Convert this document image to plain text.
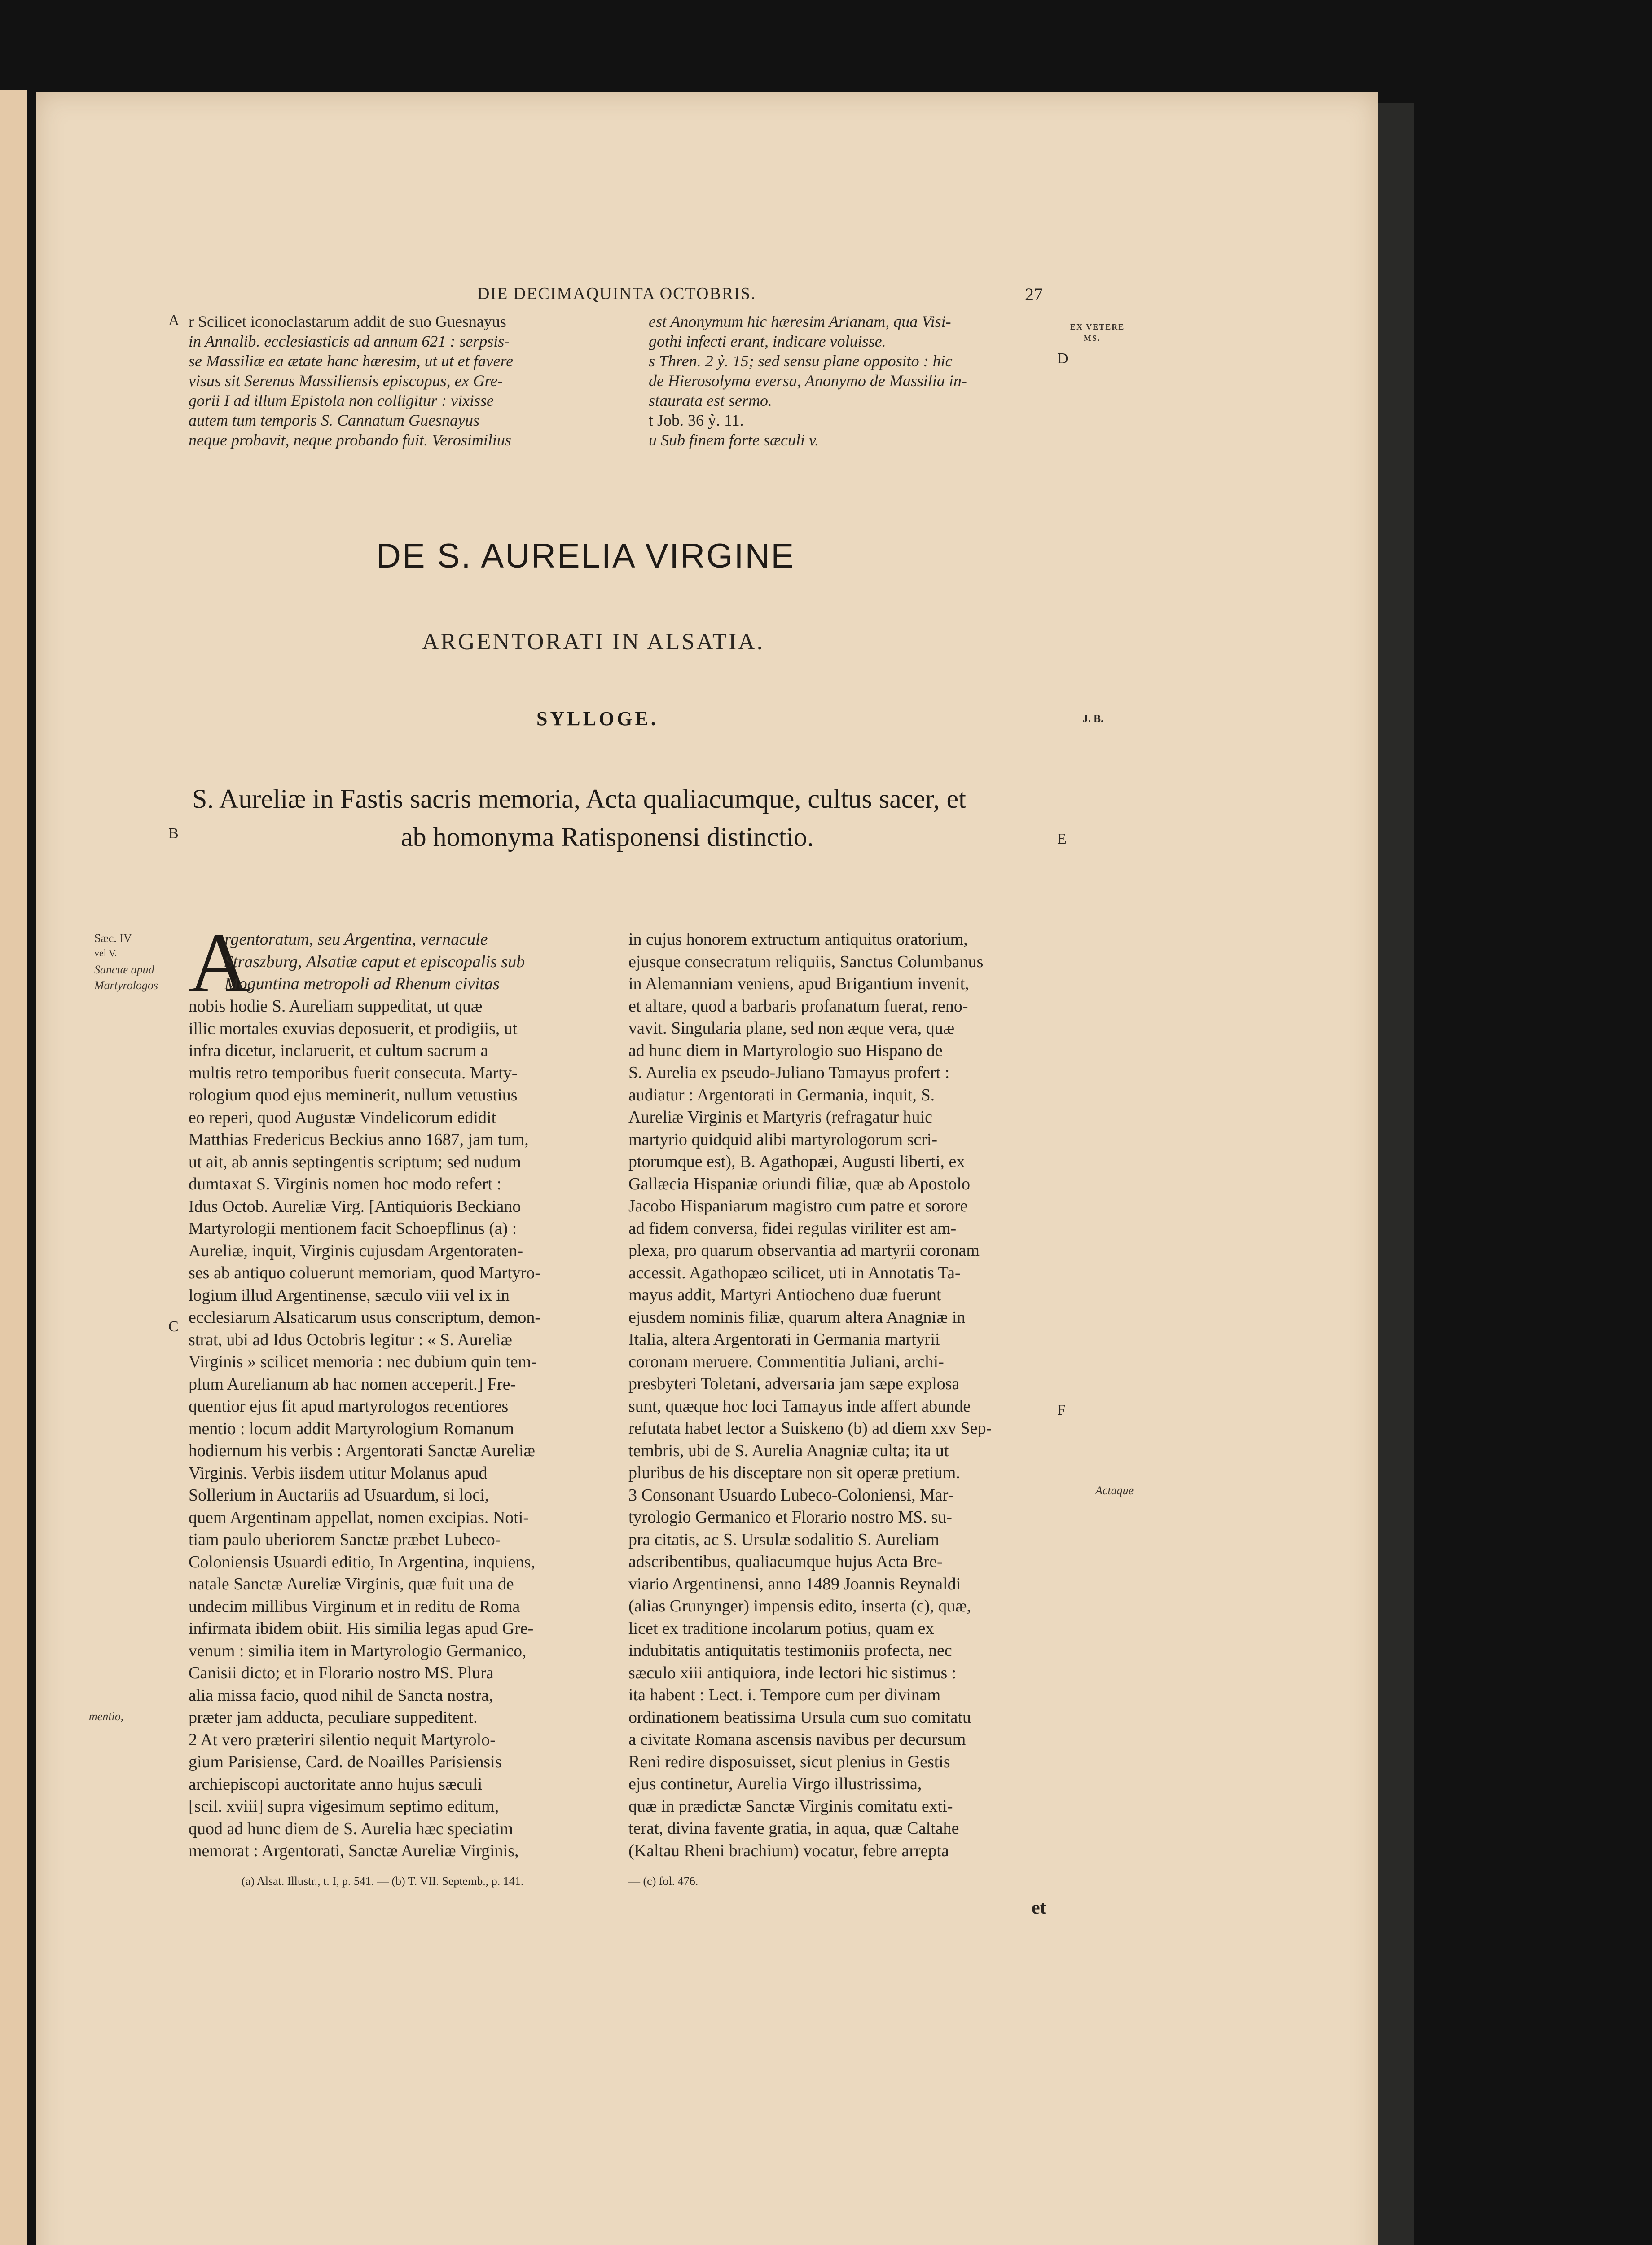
DIE DECIMAQUINTA OCTOBRIS.	27
A
D
B	E
C
F
EX VETERE
MS.
J. B.
Sæc. IV
vel V.
Sanctæ apud
Martyrologos
mentio,
Actaque
r Scilicet iconoclastarum addit de suo Guesnayus
in Annalib. ecclesiasticis ad annum 621 : serpsis-
se Massiliæ ea ætate hanc hæresim, ut ut et favere
visus sit Serenus Massiliensis episcopus, ex Gre-
gorii I ad illum Epistola non colligitur : vixisse
autem tum temporis S. Cannatum Guesnayus
neque probavit, neque probando fuit. Verosimilius
est Anonymum hic hæresim Arianam, qua Visi-
gothi infecti erant, indicare voluisse.
s Thren. 2 ỷ. 15; sed sensu plane opposito : hic
de Hierosolyma eversa, Anonymo de Massilia in-
staurata est sermo.
t Job. 36 ỷ. 11.
u Sub finem forte sæculi v.
DE S. AURELIA VIRGINE
ARGENTORATI IN ALSATIA.
SYLLOGE.
S. Aureliæ in Fastis sacris memoria, Acta qualiacumque, cultus sacer, et
ab homonyma Ratisponensi distinctio.
A
rgentoratum, seu Argentina, vernacule
Straszburg, Alsatiæ caput et episcopalis sub
Moguntina metropoli ad Rhenum civitas
nobis hodie S. Aureliam suppeditat, ut quæ
illic mortales exuvias deposuerit, et prodigiis, ut
infra dicetur, inclaruerit, et cultum sacrum a
multis retro temporibus fuerit consecuta. Marty-
rologium quod ejus meminerit, nullum vetustius
eo reperi, quod Augustæ Vindelicorum edidit
Matthias Fredericus Beckius anno 1687, jam tum,
ut ait, ab annis septingentis scriptum; sed nudum
dumtaxat S. Virginis nomen hoc modo refert :
Idus Octob. Aureliæ Virg. [Antiquioris Beckiano
Martyrologii mentionem facit Schoepflinus (a) :
Aureliæ, inquit, Virginis cujusdam Argentoraten-
ses ab antiquo coluerunt memoriam, quod Martyro-
logium illud Argentinense, sæculo viii vel ix in
ecclesiarum Alsaticarum usus conscriptum, demon-
strat, ubi ad Idus Octobris legitur : « S. Aureliæ
Virginis » scilicet memoria : nec dubium quin tem-
plum Aurelianum ab hac nomen acceperit.] Fre-
quentior ejus fit apud martyrologos recentiores
mentio : locum addit Martyrologium Romanum
hodiernum his verbis : Argentorati Sanctæ Aureliæ
Virginis. Verbis iisdem utitur Molanus apud
Sollerium in Auctariis ad Usuardum, si loci,
quem Argentinam appellat, nomen excipias. Noti-
tiam paulo uberiorem Sanctæ præbet Lubeco-
Coloniensis Usuardi editio, In Argentina, inquiens,
natale Sanctæ Aureliæ Virginis, quæ fuit una de
undecim millibus Virginum et in reditu de Roma
infirmata ibidem obiit. His similia legas apud Gre-
venum : similia item in Martyrologio Germanico,
Canisii dicto; et in Florario nostro MS. Plura
alia missa facio, quod nihil de Sancta nostra,
præter jam adducta, peculiare suppeditent.
2 At vero præteriri silentio nequit Martyrolo-
gium Parisiense, Card. de Noailles Parisiensis
archiepiscopi auctoritate anno hujus sæculi
[scil. xviii] supra vigesimum septimo editum,
quod ad hunc diem de S. Aurelia hæc speciatim
memorat : Argentorati, Sanctæ Aureliæ Virginis,
in cujus honorem extructum antiquitus oratorium,
ejusque consecratum reliquiis, Sanctus Columbanus
in Alemanniam veniens, apud Brigantium invenit,
et altare, quod a barbaris profanatum fuerat, reno-
vavit. Singularia plane, sed non æque vera, quæ
ad hunc diem in Martyrologio suo Hispano de
S. Aurelia ex pseudo-Juliano Tamayus profert :
audiatur : Argentorati in Germania, inquit, S.
Aureliæ Virginis et Martyris (refragatur huic
martyrio quidquid alibi martyrologorum scri-
ptorumque est), B. Agathopæi, Augusti liberti, ex
Gallæcia Hispaniæ oriundi filiæ, quæ ab Apostolo
Jacobo Hispaniarum magistro cum patre et sorore
ad fidem conversa, fidei regulas viriliter est am-
plexa, pro quarum observantia ad martyrii coronam
accessit. Agathopæo scilicet, uti in Annotatis Ta-
mayus addit, Martyri Antiocheno duæ fuerunt
ejusdem nominis filiæ, quarum altera Anagniæ in
Italia, altera Argentorati in Germania martyrii
coronam meruere. Commentitia Juliani, archi-
presbyteri Toletani, adversaria jam sæpe explosa
sunt, quæque hoc loci Tamayus inde affert abunde
refutata habet lector a Suiskeno (b) ad diem xxv Sep-
tembris, ubi de S. Aurelia Anagniæ culta; ita ut
pluribus de his disceptare non sit operæ pretium.
3 Consonant Usuardo Lubeco-Coloniensi, Mar-
tyrologio Germanico et Florario nostro MS. su-
pra citatis, ac S. Ursulæ sodalitio S. Aureliam
adscribentibus, qualiacumque hujus Acta Bre-
viario Argentinensi, anno 1489 Joannis Reynaldi
(alias Grunynger) impensis edito, inserta (c), quæ,
licet ex traditione incolarum potius, quam ex
indubitatis antiquitatis testimoniis profecta, nec
sæculo xiii antiquiora, inde lectori hic sistimus :
ita habent : Lect. i. Tempore cum per divinam
ordinationem beatissima Ursula cum suo comitatu
a civitate Romana ascensis navibus per decursum
Reni redire disposuisset, sicut plenius in Gestis
ejus continetur, Aurelia Virgo illustrissima,
quæ in prædictæ Sanctæ Virginis comitatu exti-
terat, divina favente gratia, in aqua, quæ Caltahe
(Kaltau Rheni brachium) vocatur, febre arrepta
(a) Alsat. Illustr., t. I, p. 541. — (b) T. VII. Septemb., p. 141.	— (c) fol. 476.
et
